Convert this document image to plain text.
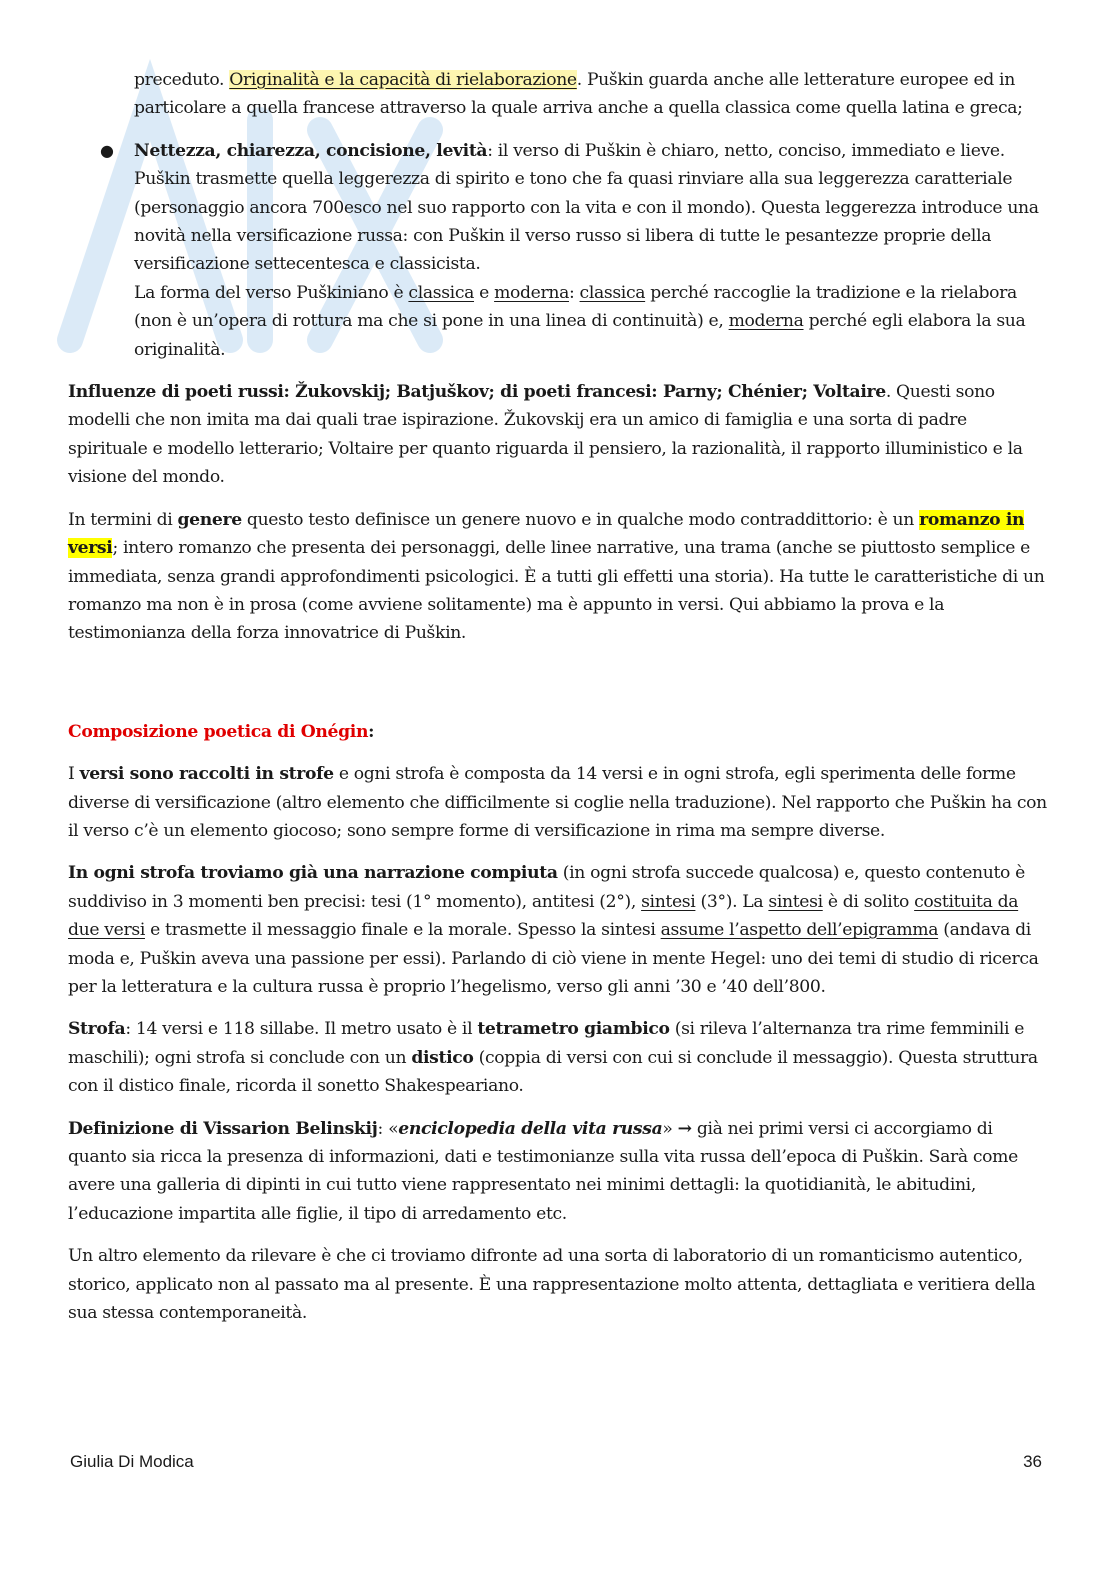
preceduto. Originalità e la capacità di rielaborazione. Puškin guarda anche alle letterature europee ed in particolare a quella francese attraverso la quale arriva anche a quella classica come quella latina e greca;

● Nettezza, chiarezza, concisione, levità: il verso di Puškin è chiaro, netto, conciso, immediato e lieve. Puškin trasmette quella leggerezza di spirito e tono che fa quasi rinviare alla sua leggerezza caratteriale (personaggio ancora 700esco nel suo rapporto con la vita e con il mondo). Questa leggerezza introduce una novità nella versificazione russa: con Puškin il verso russo si libera di tutte le pesantezze proprie della versificazione settecentesca e classicista.

La forma del verso Puškiniano è classica e moderna: classica perché raccoglie la tradizione e la rielabora (non è un’opera di rottura ma che si pone in una linea di continuità) e, moderna perché egli elabora la sua originalità.

Influenze di poeti russi: Žukovskij; Batjuškov; di poeti francesi: Parny; Chénier; Voltaire. Questi sono modelli che non imita ma dai quali trae ispirazione. Žukovskij era un amico di famiglia e una sorta di padre spirituale e modello letterario; Voltaire per quanto riguarda il pensiero, la razionalità, il rapporto illuministico e la visione del mondo.

In termini di genere questo testo definisce un genere nuovo e in qualche modo contraddittorio: è un romanzo in versi; intero romanzo che presenta dei personaggi, delle linee narrative, una trama (anche se piuttosto semplice e immediata, senza grandi approfondimenti psicologici. È a tutti gli effetti una storia). Ha tutte le caratteristiche di un romanzo ma non è in prosa (come avviene solitamente) ma è appunto in versi. Qui abbiamo la prova e la testimonianza della forza innovatrice di Puškin.

Composizione poetica di Onégin:

I versi sono raccolti in strofe e ogni strofa è composta da 14 versi e in ogni strofa, egli sperimenta delle forme diverse di versificazione (altro elemento che difficilmente si coglie nella traduzione). Nel rapporto che Puškin ha con il verso c’è un elemento giocoso; sono sempre forme di versificazione in rima ma sempre diverse.

In ogni strofa troviamo già una narrazione compiuta (in ogni strofa succede qualcosa) e, questo contenuto è suddiviso in 3 momenti ben precisi: tesi (1° momento), antitesi (2°), sintesi (3°). La sintesi è di solito costituita da due versi e trasmette il messaggio finale e la morale. Spesso la sintesi assume l’aspetto dell’epigramma (andava di moda e, Puškin aveva una passione per essi). Parlando di ciò viene in mente Hegel: uno dei temi di studio di ricerca per la letteratura e la cultura russa è proprio l’hegelismo, verso gli anni ’30 e ’40 dell’800.

Strofa: 14 versi e 118 sillabe. Il metro usato è il tetrametro giambico (si rileva l’alternanza tra rime femminili e maschili); ogni strofa si conclude con un distico (coppia di versi con cui si conclude il messaggio). Questa struttura con il distico finale, ricorda il sonetto Shakespeariano.

Definizione di Vissarion Belinskij: «enciclopedia della vita russa» → già nei primi versi ci accorgiamo di quanto sia ricca la presenza di informazioni, dati e testimonianze sulla vita russa dell’epoca di Puškin. Sarà come avere una galleria di dipinti in cui tutto viene rappresentato nei minimi dettagli: la quotidianità, le abitudini, l’educazione impartita alle figlie, il tipo di arredamento etc.

Un altro elemento da rilevare è che ci troviamo difronte ad una sorta di laboratorio di un romanticismo autentico, storico, applicato non al passato ma al presente. È una rappresentazione molto attenta, dettagliata e veritiera della sua stessa contemporaneità.

Giulia Di Modica	36
